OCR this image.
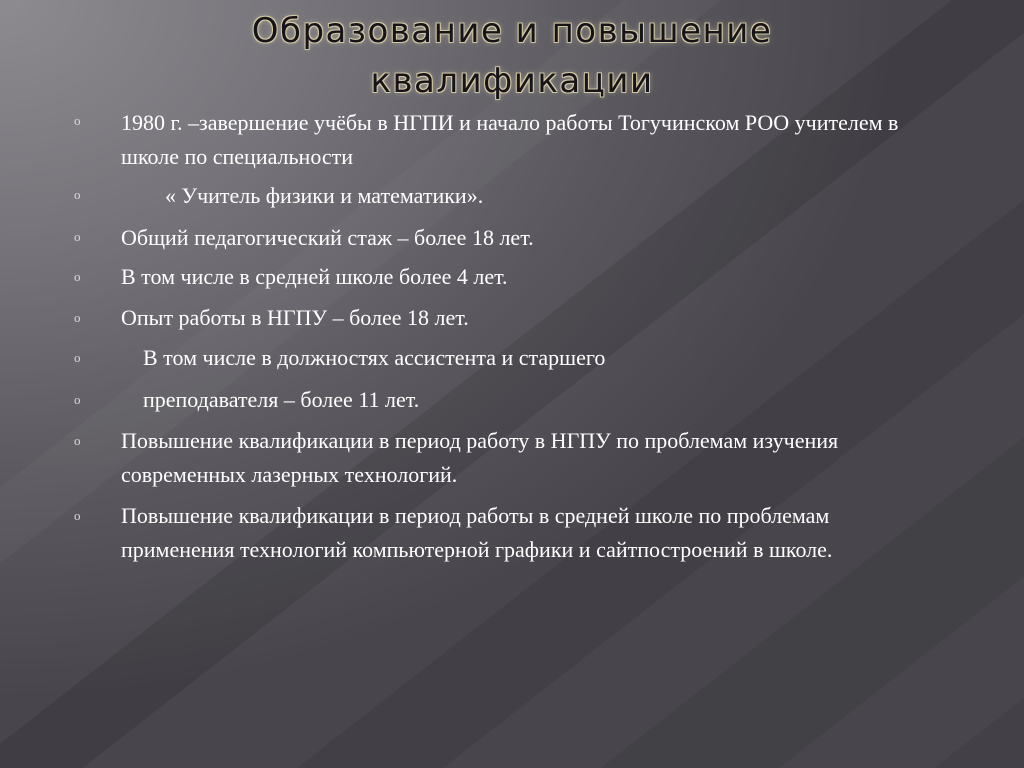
Образование и повышение
квалификации
o 1980 г. –завершение учёбы в НГПИ и начало работы Тогучинском РОО учителем в школе по специальности
o « Учитель физики и математики».
o Общий педагогический стаж – более 18 лет.
o В том числе в средней школе более 4 лет.
o Опыт работы в НГПУ – более 18 лет.
o В том числе в должностях ассистента и старшего
o преподавателя – более 11 лет.
o Повышение квалификации в период работу в НГПУ по проблемам изучения современных лазерных технологий.
o Повышение квалификации в период работы в средней школе по проблемам применения технологий компьютерной графики и сайтпостроений в школе.
